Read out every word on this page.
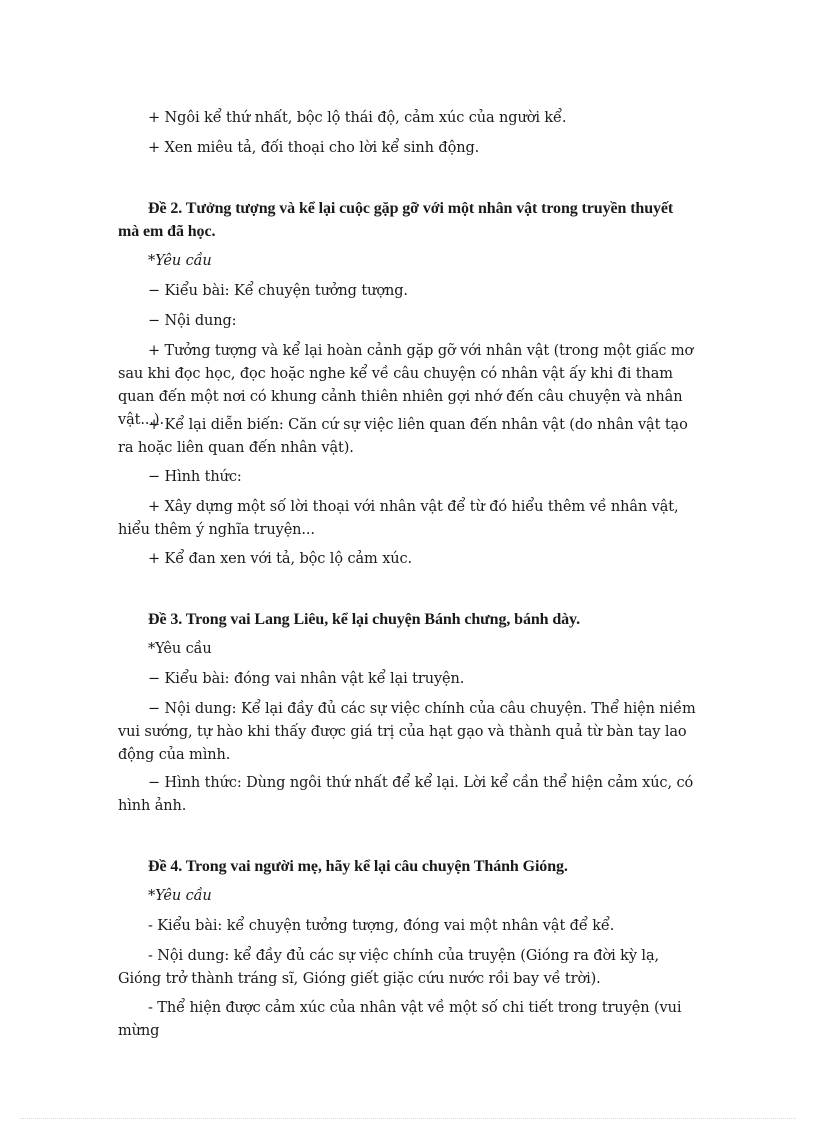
+ Ngôi kể thứ nhất, bộc lộ thái độ, cảm xúc của người kể.

+ Xen miêu tả, đối thoại cho lời kể sinh động.

Đề 2. Tưởng tượng và kể lại cuộc gặp gỡ với một nhân vật trong truyền thuyết mà em đã học.

*Yêu cầu

− Kiểu bài: Kể chuyện tưởng tượng.

− Nội dung:

+ Tưởng tượng và kể lại hoàn cảnh gặp gỡ với nhân vật (trong một giấc mơ sau khi đọc học, đọc hoặc nghe kể về câu chuyện có nhân vật ấy khi đi tham quan đến một nơi có khung cảnh thiên nhiên gợi nhớ đến câu chuyện và nhân vật...).

+ Kể lại diễn biến: Căn cứ sự việc liên quan đến nhân vật (do nhân vật tạo ra hoặc liên quan đến nhân vật).

− Hình thức:

+ Xây dựng một số lời thoại với nhân vật để từ đó hiểu thêm về nhân vật, hiểu thêm ý nghĩa truyện...

+ Kể đan xen với tả, bộc lộ cảm xúc.

Đề 3. Trong vai Lang Liêu, kể lại chuyện Bánh chưng, bánh dày.

*Yêu cầu

− Kiểu bài: đóng vai nhân vật kể lại truyện.

− Nội dung: Kể lại đầy đủ các sự việc chính của câu chuyện. Thể hiện niềm vui sướng, tự hào khi thấy được giá trị của hạt gạo và thành quả từ bàn tay lao động của mình.

− Hình thức: Dùng ngôi thứ nhất để kể lại. Lời kể cần thể hiện cảm xúc, có hình ảnh.

Đề 4. Trong vai người mẹ, hãy kể lại câu chuyện Thánh Gióng.

*Yêu cầu

- Kiểu bài: kể chuyện tưởng tượng, đóng vai một nhân vật để kể.

- Nội dung: kể đầy đủ các sự việc chính của truyện (Gióng ra đời kỳ lạ, Gióng trở thành tráng sĩ, Gióng giết giặc cứu nước rồi bay về trời).

- Thể hiện được cảm xúc của nhân vật về một số chi tiết trong truyện (vui mừng
